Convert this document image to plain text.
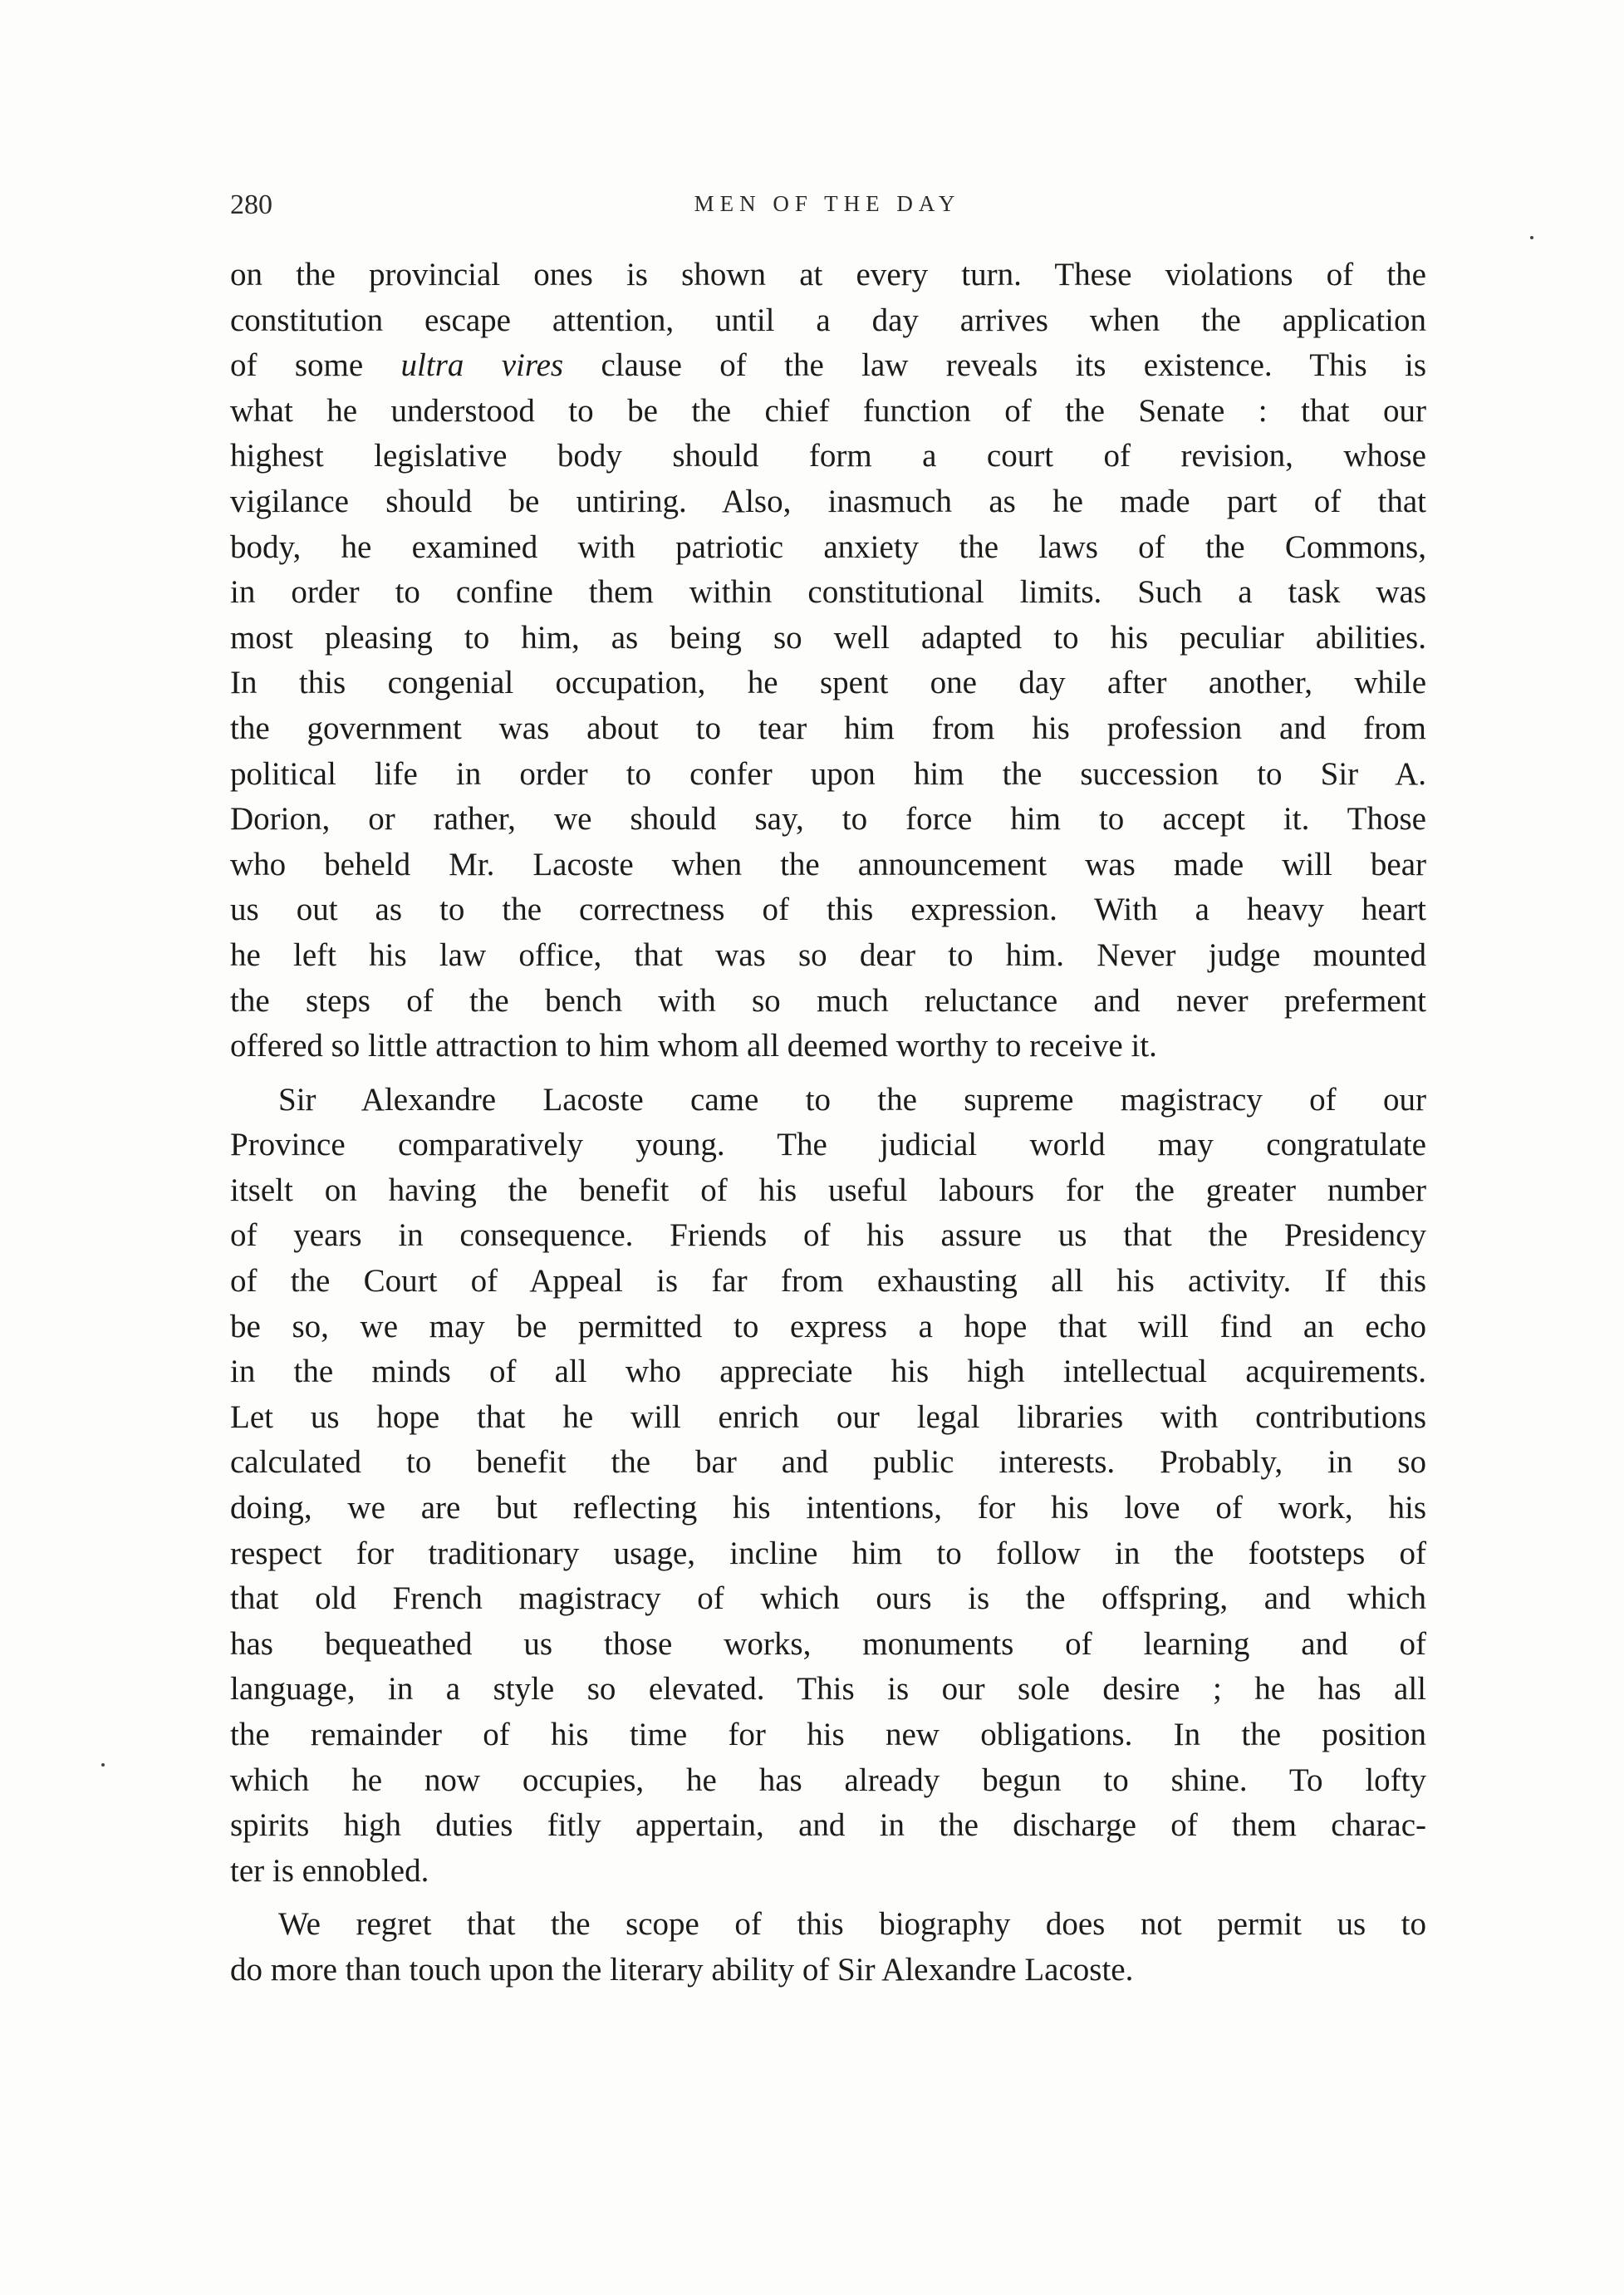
280	MEN OF THE DAY
on the provincial ones is shown at every turn. These violations of the
constitution escape attention, until a day arrives when the application
of some ultra vires clause of the law reveals its existence. This is
what he understood to be the chief function of the Senate : that our
highest legislative body should form a court of revision, whose
vigilance should be untiring. Also, inasmuch as he made part of that
body, he examined with patriotic anxiety the laws of the Commons,
in order to confine them within constitutional limits. Such a task was
most pleasing to him, as being so well adapted to his peculiar abilities.
In this congenial occupation, he spent one day after another, while
the government was about to tear him from his profession and from
political life in order to confer upon him the succession to Sir A.
Dorion, or rather, we should say, to force him to accept it. Those
who beheld Mr. Lacoste when the announcement was made will bear
us out as to the correctness of this expression. With a heavy heart
he left his law office, that was so dear to him. Never judge mounted
the steps of the bench with so much reluctance and never preferment
offered so little attraction to him whom all deemed worthy to receive it.
Sir Alexandre Lacoste came to the supreme magistracy of our
Province comparatively young. The judicial world may congratulate
itselt on having the benefit of his useful labours for the greater number
of years in consequence. Friends of his assure us that the Presidency
of the Court of Appeal is far from exhausting all his activity. If this
be so, we may be permitted to express a hope that will find an echo
in the minds of all who appreciate his high intellectual acquirements.
Let us hope that he will enrich our legal libraries with contributions
calculated to benefit the bar and public interests. Probably, in so
doing, we are but reflecting his intentions, for his love of work, his
respect for traditionary usage, incline him to follow in the footsteps of
that old French magistracy of which ours is the offspring, and which
has bequeathed us those works, monuments of learning and of
language, in a style so elevated. This is our sole desire ; he has all
the remainder of his time for his new obligations. In the position
which he now occupies, he has already begun to shine. To lofty
spirits high duties fitly appertain, and in the discharge of them charac-
ter is ennobled.
We regret that the scope of this biography does not permit us to
do more than touch upon the literary ability of Sir Alexandre Lacoste.
